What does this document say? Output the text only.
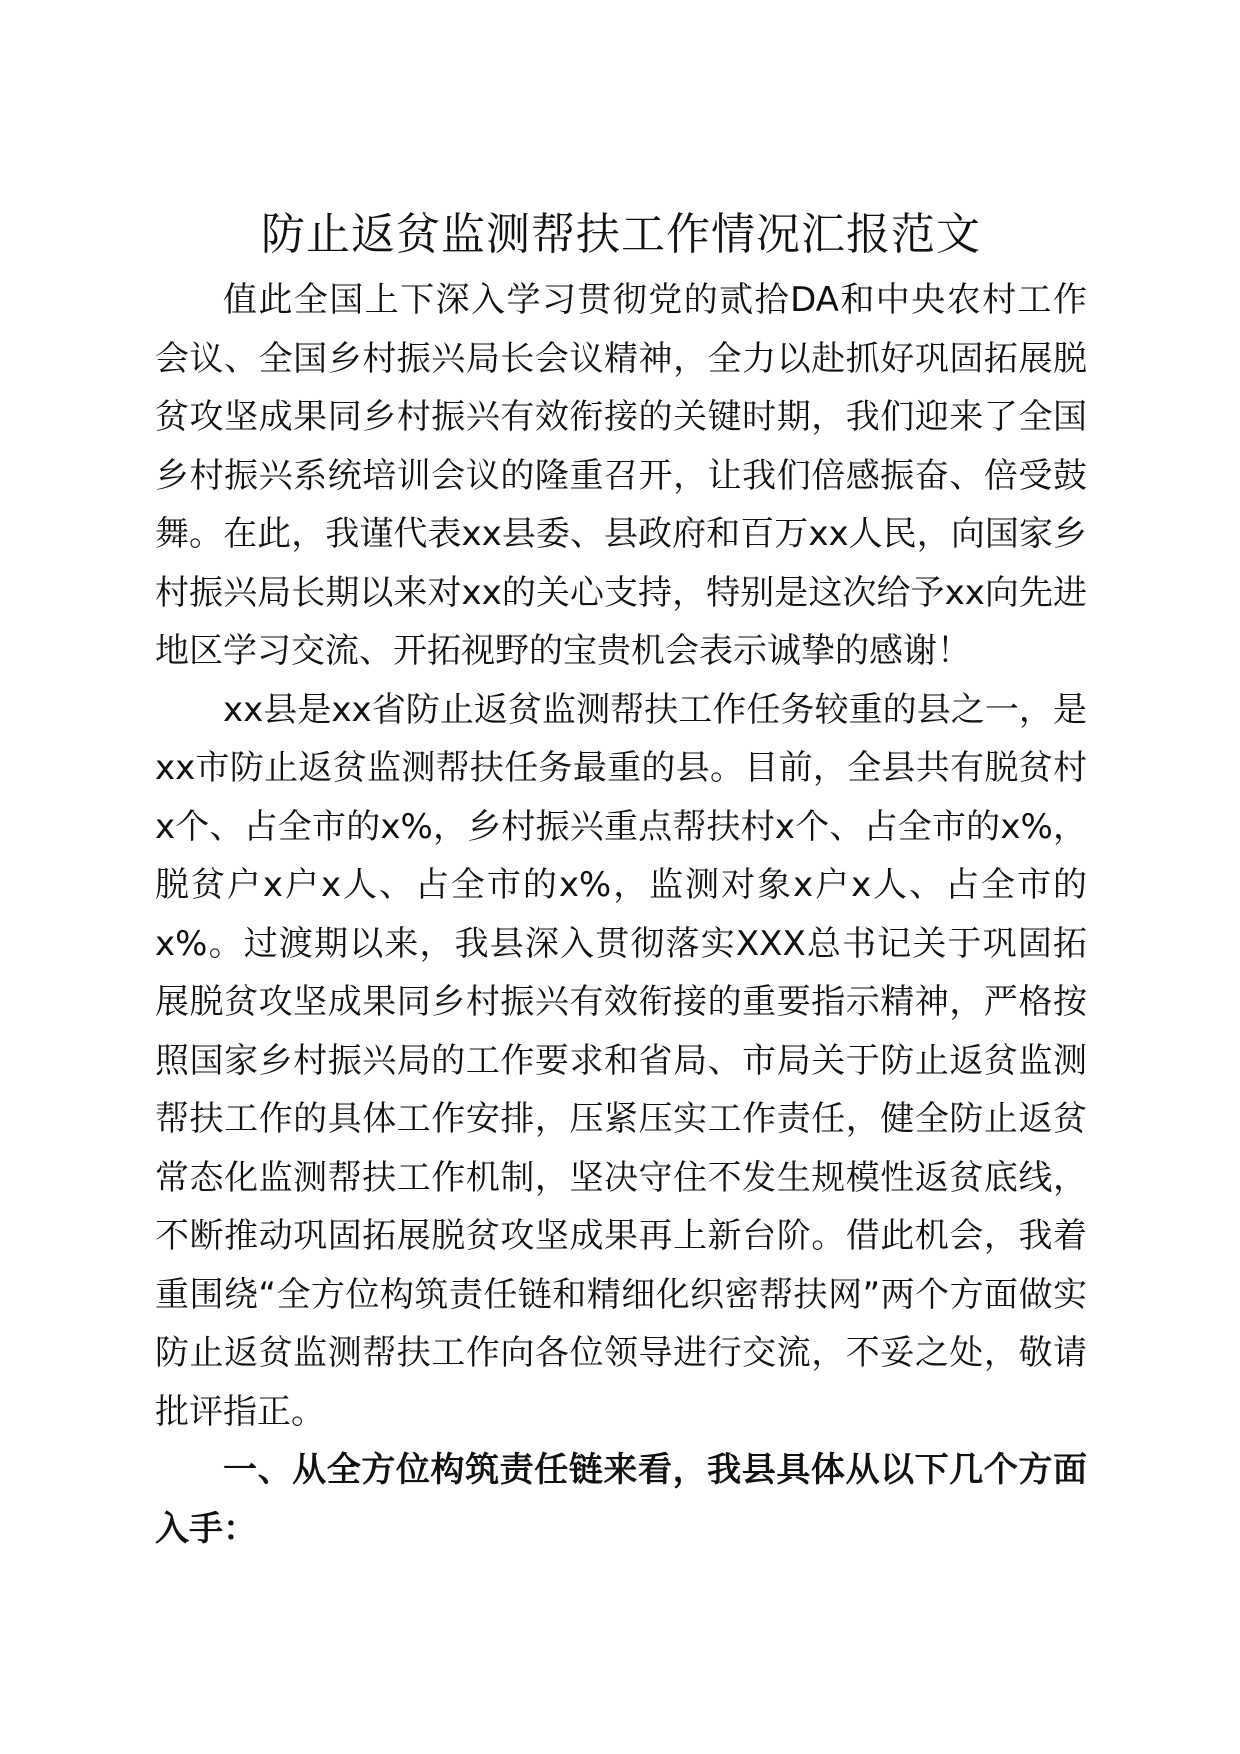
防止返贫监测帮扶工作情况汇报范文

值此全国上下深入学习贯彻党的贰拾DA和中央农村工作会议、全国乡村振兴局长会议精神，全力以赴抓好巩固拓展脱贫攻坚成果同乡村振兴有效衔接的关键时期，我们迎来了全国乡村振兴系统培训会议的隆重召开，让我们倍感振奋、倍受鼓舞。在此，我谨代表xx县委、县政府和百万xx人民，向国家乡村振兴局长期以来对xx的关心支持，特别是这次给予xx向先进地区学习交流、开拓视野的宝贵机会表示诚挚的感谢！

xx县是xx省防止返贫监测帮扶工作任务较重的县之一，是xx市防止返贫监测帮扶任务最重的县。目前，全县共有脱贫村x个、占全市的x%，乡村振兴重点帮扶村x个、占全市的x%，脱贫户x户x人、占全市的x%，监测对象x户x人、占全市的x%。过渡期以来，我县深入贯彻落实XXX总书记关于巩固拓展脱贫攻坚成果同乡村振兴有效衔接的重要指示精神，严格按照国家乡村振兴局的工作要求和省局、市局关于防止返贫监测帮扶工作的具体工作安排，压紧压实工作责任，健全防止返贫常态化监测帮扶工作机制，坚决守住不发生规模性返贫底线，不断推动巩固拓展脱贫攻坚成果再上新台阶。借此机会，我着重围绕“全方位构筑责任链和精细化织密帮扶网”两个方面做实防止返贫监测帮扶工作向各位领导进行交流，不妥之处，敬请批评指正。

一、从全方位构筑责任链来看，我县具体从以下几个方面入手：
